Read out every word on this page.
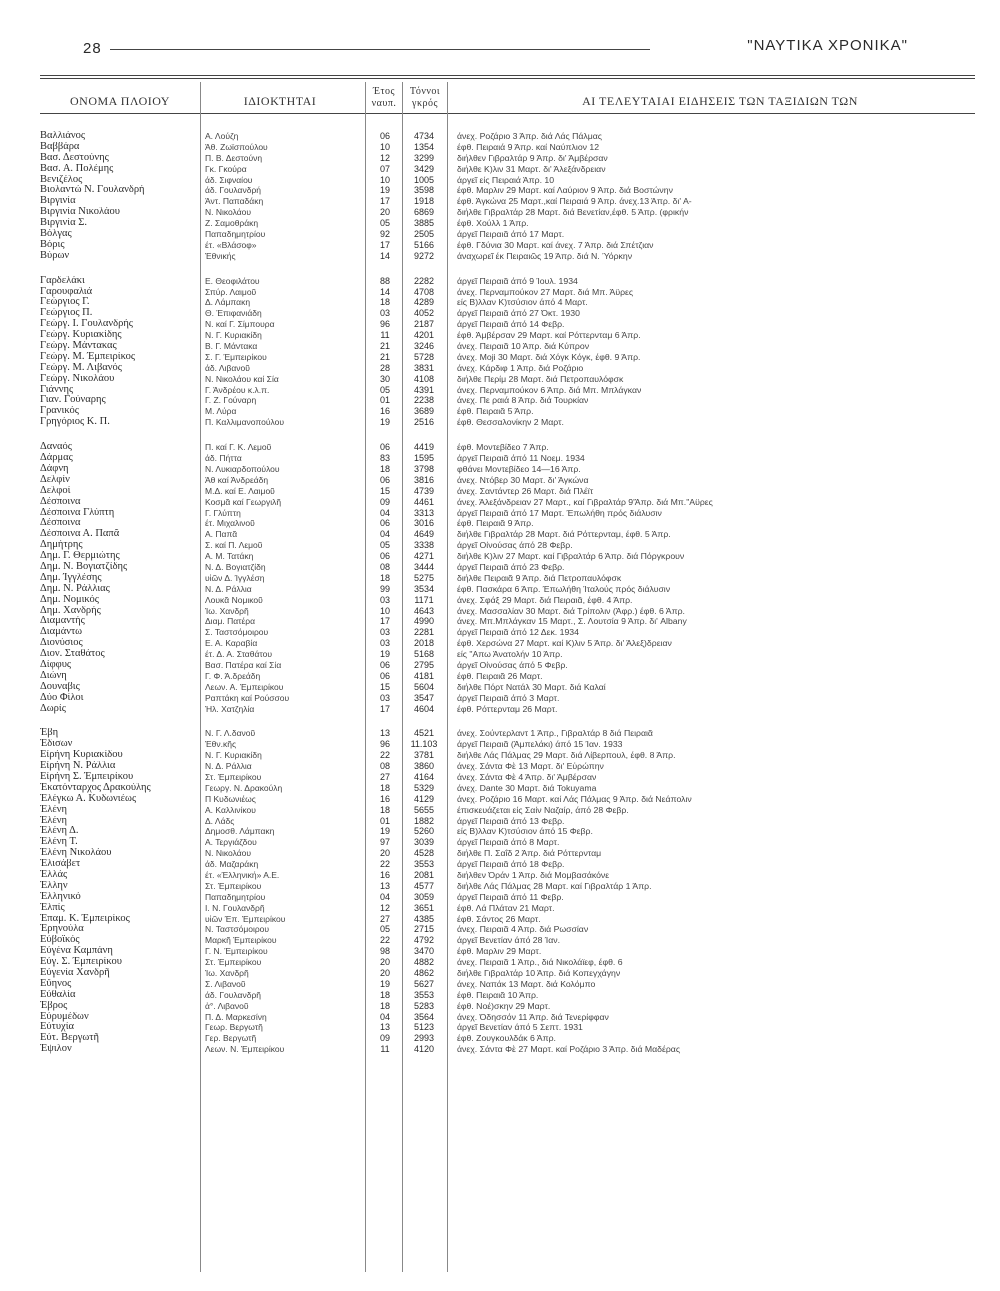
28	"ΝΑΥΤΙΚΑ ΧΡΟΝΙΚΑ"
ΟΝΟΜΑ ΠΛΟΙΟΥ	ΙΔΙΟΚΤΗΤΑΙ
Έτος
ναυπ.
Τόννοι
γκρός	ΑΙ ΤΕΛΕΥΤΑΙΑΙ ΕΙΔΗΣΕΙΣ ΤΩΝ ΤΑΞΙΔΙΩΝ ΤΩΝ
Βαλλιάνος	Α. Λούζη	06	4734	άνεχ. Ροζάριο 3 Άπρ. διά Λάς Πάλμας
Βαββάρα	Άθ. Ζωϊσπούλου	10	1354	έφθ. Πειραιά 9 Άπρ. καί Ναύπλιον 12
Βασ. Δεστούνης	Π. Β. Δεστούνη	12	3299	διήλθεν Γιβραλτάρ 9 Άπρ. δι' Άμβέρσαν
Βασ. Α. Πολέμης	Γκ. Γκούρα	07	3429	διήλθε Κ)λιν 31 Μαρτ. δι' Άλεξάνδρειαν
Βενιζέλος	άδ. Σιφναίου	10	1005	άργεῖ είς Πειραιά Άπρ. 10
Βιολαντώ Ν. Γουλανδρή	άδ. Γουλανδρή	19	3598	έφθ. Μαρλιν 29 Μαρτ. καί Λαύριον 9 Άπρ. διά Βοστώνην
Βιργινία	Άντ. Παπαδάκη	17	1918	έφθ. Άγκώνα 25 Μαρτ.,καί Πειραιά 9 Άπρ. άνεχ.13 Άπρ. δι' Α-
Βιργινία Νικολάου	Ν. Νικολάου	20	6869	διήλθε Γιβραλτάρ 28 Μαρτ. διά Βενετίαν,έφθ. 5 Άπρ. (φρικήν
Βιργινία Σ.	Ζ. Σαμοθράκη	05	3885	έφθ. Χούλλ 1 Άπρ.
Βόλγας	Παπαδημητρίου	92	2505	άργεῖ Πειραιᾶ άπό 17 Μαρτ.
Βόρις	έτ. «Βλάσοφ»	17	5166	έφθ. Γδύνια 30 Μαρτ. καί άνεχ. 7 Άπρ. διά Σπέτζιαν
Βύρων	Έθνικής	14	9272	άναχωρεῖ έκ Πειραιῶς 19 Άπρ. διά Ν. Ύόρκην
Γαρδελάκι	Ε. Θεοφιλάτου	88	2282	άργεῖ Πειραιᾶ άπό 9 Ίουλ. 1934
Γαρουφαλιά	Σπύρ. Λαιμοῦ	14	4708	άνεχ. Περναμπούκον 27 Μαρτ. διά Μπ. Άϋρες
Γεώργιος Γ.	Δ. Λάμπακη	18	4289	είς Β)λλαν Κ)τσύσιον άπό 4 Μαρτ.
Γεώργιος Π.	Θ. Έπιφανιάδη	03	4052	άργεῖ Πειραιᾶ άπό 27 Όκτ. 1930
Γεώργ. Ι. Γουλανδρής	Ν. καί Γ. Σίμπουρα	96	2187	άργεῖ Πειραιᾶ άπό 14 Φεβρ.
Γεώργ. Κυριακίδης	Ν. Γ. Κυριακίδη	11	4201	έφθ. Άμβέρσαν 29 Μαρτ. καί Ρόττερνταμ 6 Άπρ.
Γεώργ. Μάντακας	Β. Γ. Μάντακα	21	3246	άνεχ. Πειραιᾶ 10 Άπρ. διά Κύπρον
Γεώργ. Μ. Έμπειρίκος	Σ. Γ. Έμπειρίκου	21	5728	άνεχ. Moji 30 Μαρτ. διά Χόγκ Κόγκ, έφθ. 9 Άπρ.
Γεώργ. Μ. Λιβανός	άδ. Λιβανοῦ	28	3831	άνεχ. Κάρδιφ 1 Άπρ. διά Ροζάριο
Γεώργ. Νικολάου	Ν. Νικολάου καί Σία	30	4108	διήλθε Περίμ 28 Μαρτ. διά Πετροπαυλόφσκ
Γιάννης	Γ. Άνδρέου κ.λ.π.	05	4391	άνεχ. Περναμπούκον 6 Άπρ. διά Μπ. Μπλάγκαν
Γιαν. Γούναρης	Γ. Ζ. Γούναρη	01	2238	άνεχ. Πε ραιά 8 Άπρ. διά Τουρκίαν
Γρανικός	Μ. Λύρα	16	3689	έφθ. Πειραιᾶ 5 Άπρ.
Γρηγόριος Κ. Π.	Π. Καλλιμανοπούλου	19	2516	έφθ. Θεσσαλονίκην 2 Μαρτ.
Δαναός	Π. καί Γ. Κ. Λεμοῦ	06	4419	έφθ. Μοντεβίδεο 7 Άπρ.
Δάρμας	άδ. Πήττα	83	1595	άργεῖ Πειραιᾶ άπό 11 Νοεμ. 1934
Δάφνη	Ν. Λυκιαρδοπούλου	18	3798	φθάνει Μοντεβίδεο 14—16 Άπρ.
Δελφίν	Άθ καί Άνδρεάδη	06	3816	άνεχ. Ντόβερ 30 Μαρτ. δι' Άγκώνα
Δελφοί	Μ.Δ. καί Ε. Λαιμοῦ	15	4739	άνεχ. Σαντάντερ 26 Μαρτ. διά Πλέϊτ
Δέσποινα	Κοσμᾶ καί Γεωργιλῆ	09	4461	άνεχ. Άλεξάνδρειαν 27 Μαρτ., καί Γιβραλτάρ 9'Άπρ. διά Μπ."Αϋρες
Δέσποινα Γλύπτη	Γ. Γλύπτη	04	3313	άργεῖ Πειραιᾶ άπό 17 Μαρτ. Έπωλήθη πρός διάλυσιν
Δέσποινα	έτ. Μιχαλινοῦ	06	3016	έφθ. Πειραιᾶ 9 Άπρ.
Δέσποινα Α. Παπᾶ	Α. Παπᾶ	04	4649	διήλθε Γιβραλτάρ 28 Μαρτ. διά Ρόττερνταμ, έφθ. 5 Άπρ.
Δημήτρης	Σ. καί Π. Λεμοῦ	05	3338	άργεῖ Οίνούσας άπό 28 Φεβρ.
Δημ. Γ. Θερμιώτης	Α. Μ. Τατάκη	06	4271	διήλθε Κ)λιν 27 Μαρτ. καί Γιβραλτάρ 6 Άπρ. διά Πόργκρουν
Δημ. Ν. Βογιατζίδης	Ν. Δ. Βογιατζίδη	08	3444	άργεῖ Πειραιᾶ άπό 23 Φεβρ.
Δημ. Ίγγλέσης	υἱῶν Δ. Ίγγλέση	18	5275	διήλθε Πειραιᾶ 9 Άπρ. διά Πετροπαυλόφσκ
Δημ. Ν. Ράλλιας	Ν. Δ. Ράλλια	99	3534	έφθ. Πασκάρα 6 Άπρ. Έπωλήθη Ίταλούς πρός διάλυσιν
Δημ. Νομικός	Λουκᾶ Νομικοῦ	03	1171	άνεχ. Σφάξ 29 Μαρτ. διά Πειραιᾶ, έφθ. 4 Άπρ.
Δημ. Χανδρής	Ίω. Χανδρῆ	10	4643	άνεχ. Μασσαλίαν 30 Μαρτ. διά Τρίπολιν (Άφρ.) έφθ. 6 Άπρ.
Διαμαντής	Διαμ. Πατέρα	17	4990	άνεχ. Μπ.Μπλάγκαν 15 Μαρτ., Σ. Λουτσία 9 Άπρ. δι' Albany
Διαμάντω	Σ. Ταστσόμοιρου	03	2281	άργεῖ Πειραιᾶ άπό 12 Δεκ. 1934
Διονύσιος	Ε. Α. Καραβία	03	2018	έφθ. Χερσώνα 27 Μαρτ. καί Κ)λιν 5 Άπρ. δι' Άλεξ)δρειαν
Διον. Σταθάτος	έτ. Δ. Α. Σταθάτου	19	5168	είς "Απω Άνατολήν 10 Άπρ.
Δίφφυς	Βασ. Πατέρα καί Σία	06	2795	άργεῖ Οίνούσας άπό 5 Φεβρ.
Διώνη	Γ. Φ. Ά.δρεάδη	06	4181	έφθ. Πειραιᾶ 26 Μαρτ.
Δουναβις	Λεων. Α. Έμπειρίκου	15	5604	διήλθε Πόρτ Νατάλ 30 Μαρτ. διά Καλαί
Δύο Φίλοι	Ραπτάκη καί Ρούσσου	03	3547	άργεῖ Πειραιᾶ άπό 3 Μαρτ.
Δωρίς	Ήλ. Χατζηλία	17	4604	έφθ. Ρόττερνταμ 26 Μαρτ.
Έβη	Ν. Γ. Λ.δανοῦ	13	4521	άνεχ. Σούντερλαντ 1 Άπρ., Γιβραλτάρ 8 διά Πειραιᾶ
Έδισων	Έθν.κῆς	96	11.103	άργεῖ Πειραιᾶ (Άμπελάκι) άπό 15 Ίαν. 1933
Εἰρήνη Κυριακίδου	Ν. Γ. Κυριακίδη	22	3781	διήλθε Λάς Πάλμας 29 Μαρτ. διά Λίβερπουλ, έφθ. 8 Άπρ.
Εἰρήνη Ν. Ράλλια	Ν. Δ. Ράλλια	08	3860	άνεχ. Σάντα Φὲ 13 Μαρτ. δι' Εὐρώπην
Εἰρήνη Σ. Έμπειρίκου	Στ. Έμπειρίκου	27	4164	άνεχ. Σάντα Φὲ 4 Άπρ. δι' Άμβέρσαν
Έκατόνταρχος Δρακούλης	Γεωργ. Ν. Δρακούλη	18	5329	άνεχ. Dante 30 Μαρτ. διά Tokuyama
Έλέγκω Α. Κυδωνιέως	Π Κυδωνιέως	16	4129	άνεχ. Ροζάριο 16 Μαρτ. καί Λάς Πάλμας 9 Άπρ. διά Νεάπολιν
Έλένη	Α. Καλλινίκου	18	5655	έπισκευάζεται είς Σαίν Ναζαίρ, άπό 28 Φεβρ.
Έλένη	Δ. Λάδς	01	1882	άργεῖ Πειραιᾶ άπό 13 Φεβρ.
Έλένη Δ.	Δημοσθ. Λάμπακη	19	5260	είς Β)λλαν Κ)τσύσιον άπό 15 Φεβρ.
Έλένη Τ.	Α. Τεργιάζδου	97	3039	άργεῖ Πειραιᾶ άπό 8 Μαρτ.
Έλένη Νικολάου	Ν. Νικολάου	20	4528	διήλθε Π. Σαΐδ 2 Άπρ. διά Ρόττερνταμ
Έλισάβετ	άδ. Μαζαράκη	22	3553	άργεῖ Πειραιᾶ άπό 18 Φεβρ.
Έλλάς	έτ. «Έλληνική» Α.Ε.	16	2081	διήλθεν Όράν 1 Άπρ. διά Μομβασάκόνε
Έλλην	Στ. Έμπειρίκου	13	4577	διήλθε Λάς Πάλμας 28 Μαρτ. καί Γιβραλτάρ 1 Άπρ.
Έλληνικό	Παπαδημητρίου	04	3059	άργεῖ Πειραιᾶ άπό 11 Φεβρ.
Έλπίς	Ι. Ν. Γουλανδρῆ	12	3651	έφθ. Λά Πλάταν 21 Μαρτ.
Έπαμ. Κ. Έμπειρίκος	υἱῶν Έπ. Έμπειρίκου	27	4385	έφθ. Σάντος 26 Μαρτ.
Έρηνούλα	Ν. Ταστσόμοιρου	05	2715	άνεχ. Πειραιᾶ 4 Άπρ. διά Ρωσσίαν
Εὐβοϊκός	Μαρκῆ Έμπειρίκου	22	4792	άργεῖ Βενετίαν άπό 28 Ίαν.
Εὐγένα Καμπάνη	Γ. Ν. Έμπειρίκου	98	3470	έφθ. Μαρλιν 29 Μαρτ.
Εὐγ. Σ. Έμπειρίκου	Στ. Έμπειρίκου	20	4882	άνεχ. Πειραιᾶ 1 Άπρ., διά Νικολάϊεφ, έφθ. 6
Εὐγενία Χανδρῆ	Ίω. Χανδρῆ	20	4862	διήλθε Γιβραλτάρ 10 Άπρ. διά Κοπεγχάγην
Εὔηνος	Σ. Λιβανοῦ	19	5627	άνεχ. Ναπάκ 13 Μαρτ. διά Κολόμπο
Εὐθαλία	άδ. Γουλανδρῆ	18	3553	έφθ. Πειραιᾶ 10 Άπρ.
Έβρος	ἁ°. Λιβανοῦ	18	5283	έφθ. Νοέ)σκην 29 Μαρτ.
Εὐρυμέδων	Π. Δ. Μαρκεσίνη	04	3564	άνεχ. Όδησσόν 11 Άπρ. διά Τενερίφφαν
Εὐτυχία	Γεωρ. Βεργωτῆ	13	5123	άργεῖ Βενετίαν άπό 5 Σεπτ. 1931
Εὐτ. Βεργωτῆ	Γερ. Βεργωτῆ	09	2993	έφθ. Ζουγκουλδάκ 6 Άπρ.
Έψιλον	Λεων. Ν. Έμπειρίκου	11	4120	άνεχ. Σάντα Φὲ 27 Μαρτ. καί Ροζάριο 3 Άπρ. διά Μαδέρας
